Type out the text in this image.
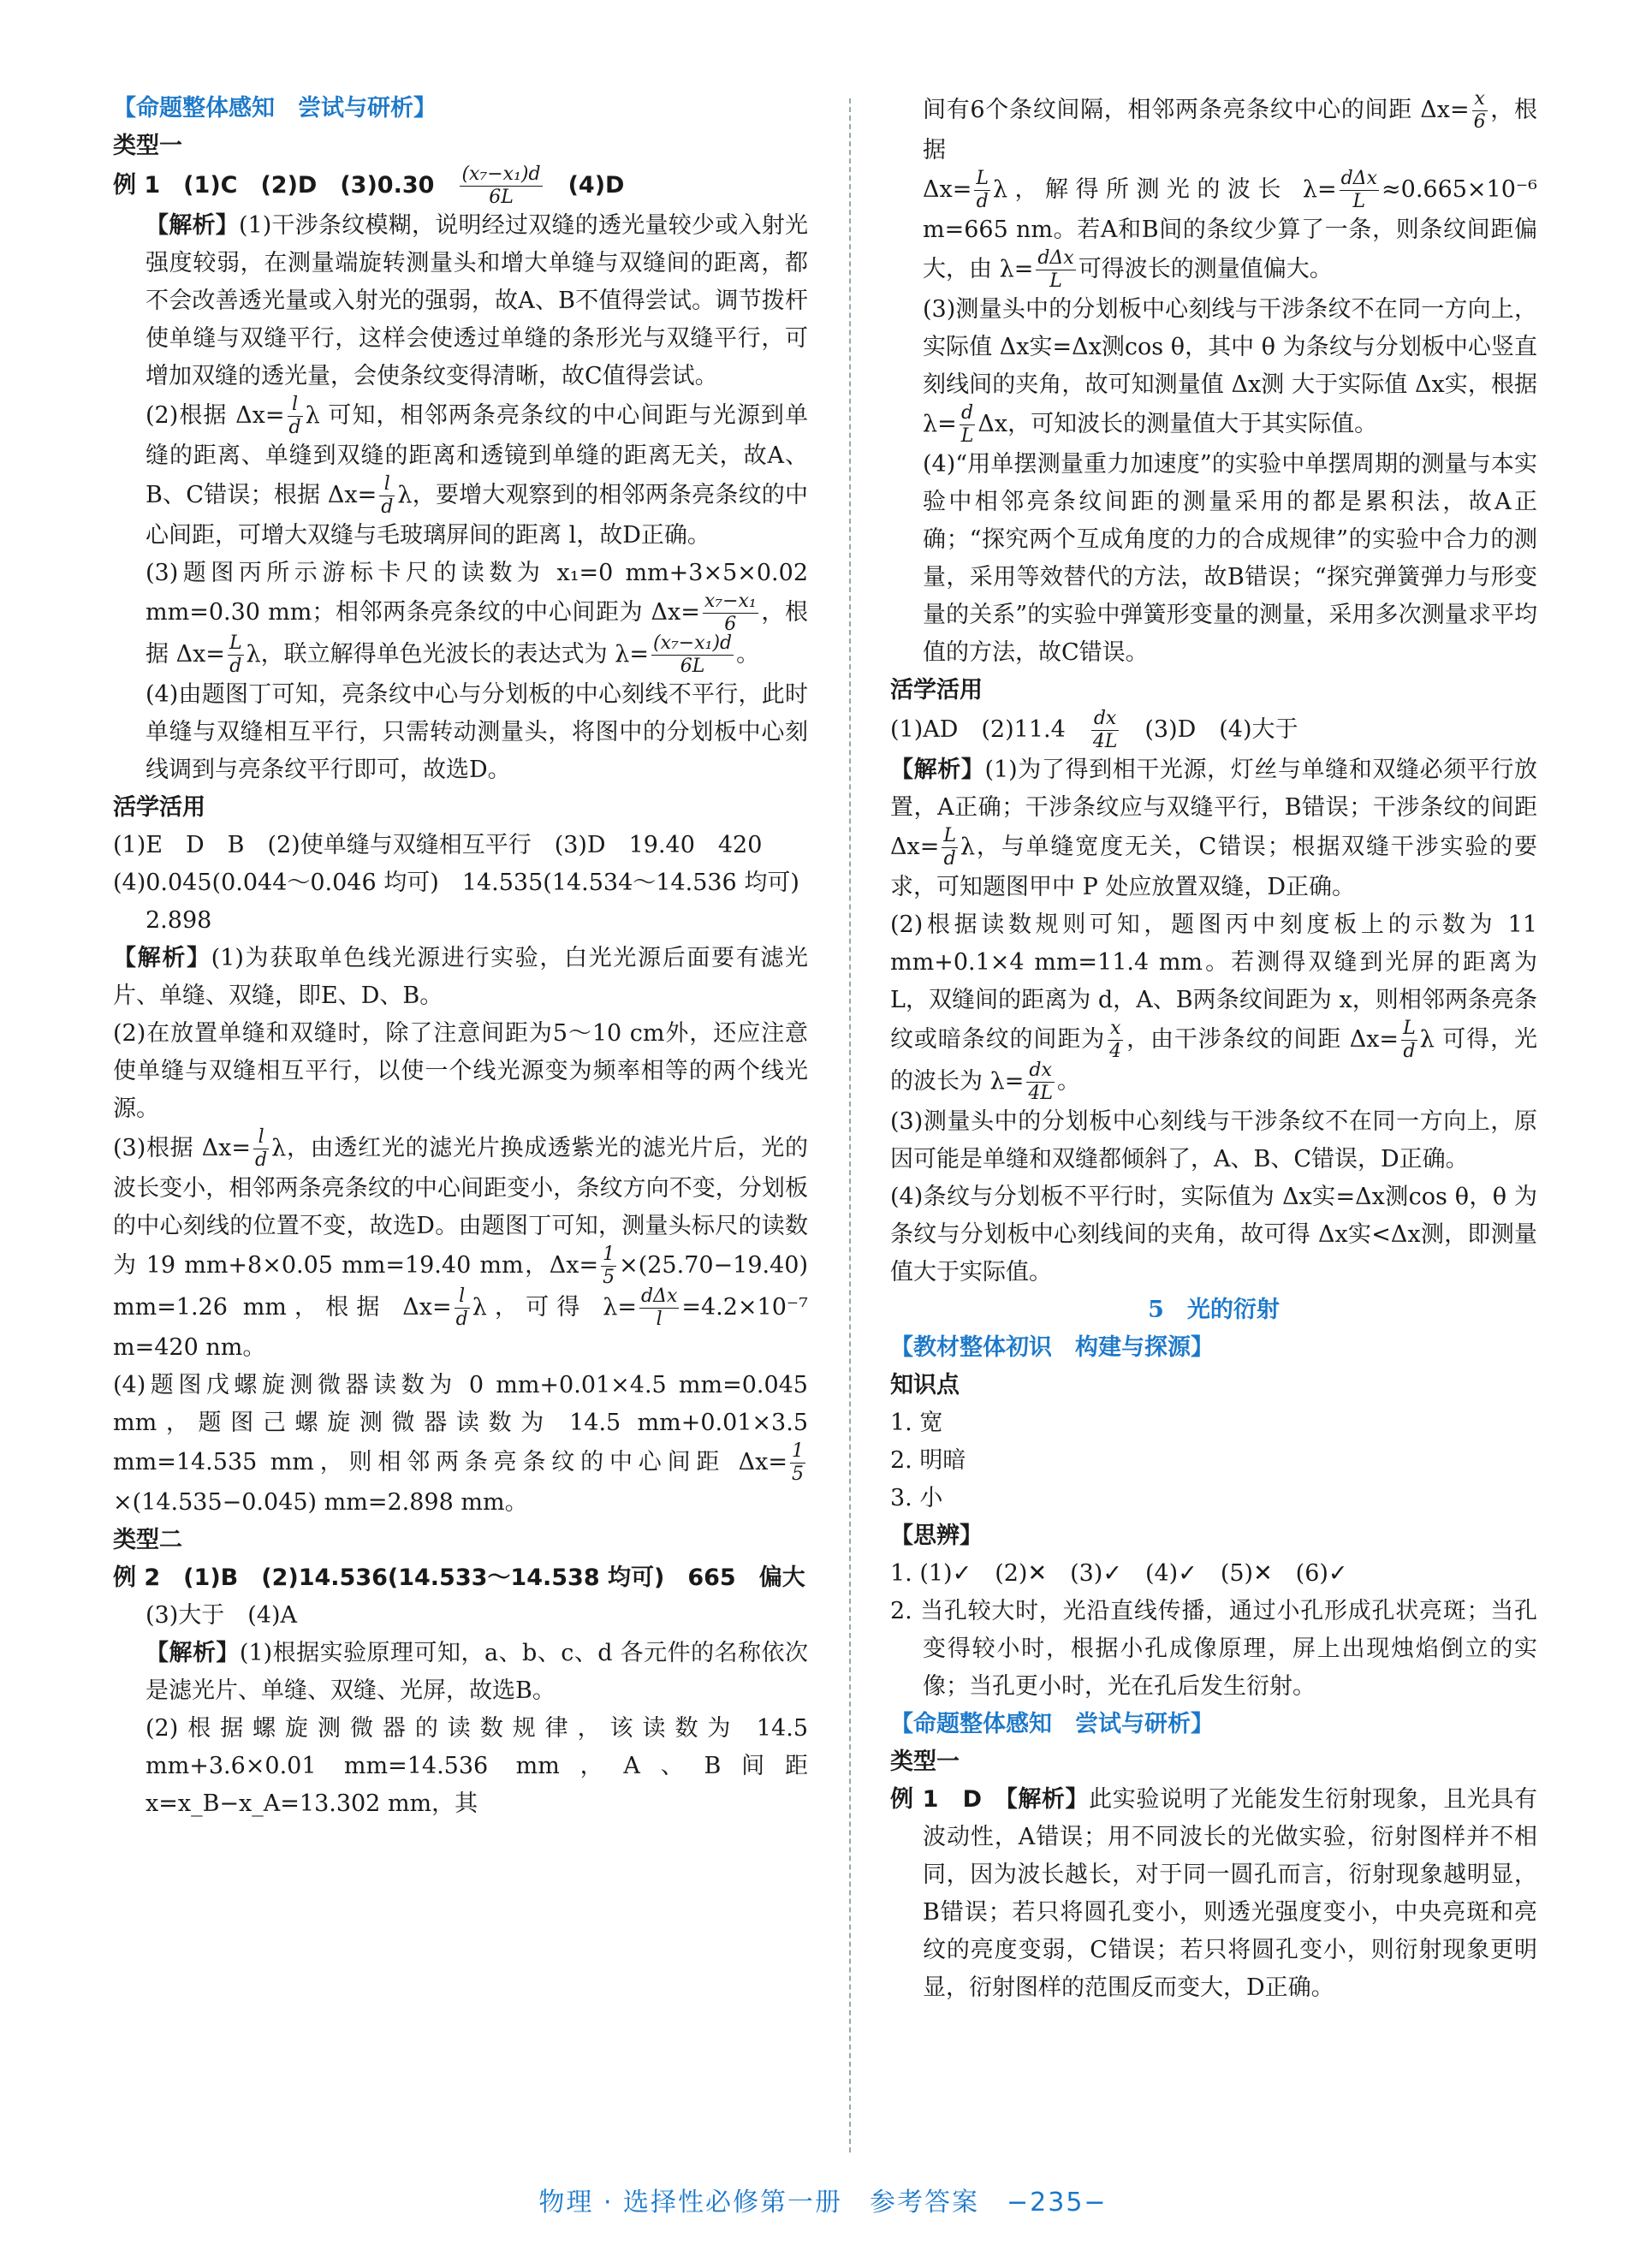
【命题整体感知　尝试与研析】

类型一

例 1　(1)C　(2)D　(3)0.30　 $\frac{\text{(x₇−x₁)d}}{6L}$ 　(4)D

【解析】(1)干涉条纹模糊，说明经过双缝的透光量较少或入射光强度较弱，在测量端旋转测量头和增大单缝与双缝间的距离，都不会改善透光量或入射光的强弱，故A、B不值得尝试。调节拨杆使单缝与双缝平行，这样会使透过单缝的条形光与双缝平行，可增加双缝的透光量，会使条纹变得清晰，故C值得尝试。

(2)根据 $\Delta x= \frac{l}{d}$ λ 可知，相邻两条亮条纹的中心间距与光源到单缝的距离、单缝到双缝的距离和透镜到单缝的距离无关，故A、B、C错误；根据 $\Delta x= \frac{l}{d}$ λ，要增大观察到的相邻两条亮条纹的中心间距，可增大双缝与毛玻璃屏间的距离 l，故D正确。

(3)题图丙所示游标卡尺的读数为 x₁=0 mm+3×5×0.02 mm=0.30 mm；相邻两条亮条纹的中心间距为 $\Delta x= \frac{\text{x₇−x₁}}{6}$ ，根据 $\Delta x= \frac{L}{d}$ λ，联立解得单色光波长的表达式为 $\lambda= \frac{\text{(x₇−x₁)d}}{6L}$ 。

(4)由题图丁可知，亮条纹中心与分划板的中心刻线不平行，此时单缝与双缝相互平行，只需转动测量头，将图中的分划板中心刻线调到与亮条纹平行即可，故选D。

活学活用

(1)E　D　B　(2)使单缝与双缝相互平行　(3)D　19.40　420

(4)0.045(0.044～0.046 均可)　14.535(14.534～14.536 均可)

2.898

【解析】(1)为获取单色线光源进行实验，白光光源后面要有滤光片、单缝、双缝，即E、D、B。

(2)在放置单缝和双缝时，除了注意间距为5～10 cm外，还应注意使单缝与双缝相互平行，以使一个线光源变为频率相等的两个线光源。

(3)根据 $\Delta x= \frac{l}{d}$ λ，由透红光的滤光片换成透紫光的滤光片后，光的波长变小，相邻两条亮条纹的中心间距变小，条纹方向不变，分划板的中心刻线的位置不变，故选D。由题图丁可知，测量头标尺的读数为 19 mm+8×0.05 mm=19.40 mm，$\Delta x= \frac{1}{5} \times(25.70-19.40)$ mm=1.26 mm，根据 $\Delta x= \frac{l}{d}$ λ，可得 $\lambda= \frac{\text{dΔx}}{l} =4.2\times 10^{-7}$ m=420 nm。

(4)题图戊螺旋测微器读数为 0 mm+0.01×4.5 mm=0.045 mm，题图己螺旋测微器读数为 14.5 mm+0.01×3.5 mm=14.535 mm，则相邻两条亮条纹的中心间距 $\Delta x= \frac{1}{5}$
×(14.535−0.045) mm=2.898 mm。

类型二

例 2　(1)B　(2)14.536(14.533～14.538 均可)　665　偏大

(3)大于　(4)A

【解析】(1)根据实验原理可知，a、b、c、d 各元件的名称依次是滤光片、单缝、双缝、光屏，故选B。

(2)根据螺旋测微器的读数规律，该读数为 14.5 mm+3.6×0.01 mm=14.536 mm，A、B间距 x=x_B−x_A=13.302 mm，其

间有6个条纹间隔，相邻两条亮条纹中心的间距 $\Delta x= \frac{x}{6}$ ，根据

$\Delta x= \frac{L}{d}$ λ，解得所测光的波长 $\lambda= \frac{\text{dΔx}}{L} \approx 0.665\times 10^{-6}$ m=665 nm。若A和B间的条纹少算了一条，则条纹间距偏大，由 $\lambda= \frac{\text{dΔx}}{L}$ 可得波长的测量值偏大。

(3)测量头中的分划板中心刻线与干涉条纹不在同一方向上，实际值 Δx实=Δx测cos θ，其中 θ 为条纹与分划板中心竖直刻线间的夹角，故可知测量值 Δx测 大于实际值 Δx实，根据 $\lambda= \frac{d}{L}$ Δx，可知波长的测量值大于其实际值。

(4)“用单摆测量重力加速度”的实验中单摆周期的测量与本实验中相邻亮条纹间距的测量采用的都是累积法，故A正确；“探究两个互成角度的力的合成规律”的实验中合力的测量，采用等效替代的方法，故B错误；“探究弹簧弹力与形变量的关系”的实验中弹簧形变量的测量，采用多次测量求平均值的方法，故C错误。

活学活用

(1)AD　(2)11.4　 $\frac{dx}{4L}$ 　(3)D　(4)大于

【解析】(1)为了得到相干光源，灯丝与单缝和双缝必须平行放置，A正确；干涉条纹应与双缝平行，B错误；干涉条纹的间距 $\Delta x= \frac{L}{d}$ λ，与单缝宽度无关，C错误；根据双缝干涉实验的要求，可知题图甲中 P 处应放置双缝，D正确。

(2)根据读数规则可知，题图丙中刻度板上的示数为 11 mm+0.1×4 mm=11.4 mm。若测得双缝到光屏的距离为 L，双缝间的距离为 d，A、B两条纹间距为 x，则相邻两条亮条纹或暗条纹的间距为 $\frac{x}{4}$ ，由干涉条纹的间距 $\Delta x= \frac{L}{d}$ λ 可得，光的波长为 $\lambda= \frac{dx}{4L}$ 。

(3)测量头中的分划板中心刻线与干涉条纹不在同一方向上，原因可能是单缝和双缝都倾斜了，A、B、C错误，D正确。

(4)条纹与分划板不平行时，实际值为 Δx实=Δx测cos θ，θ 为条纹与分划板中心刻线间的夹角，故可得 Δx实<Δx测，即测量值大于实际值。

5　光的衍射

【教材整体初识　构建与探源】

知识点

1. 宽

2. 明暗

3. 小

【思辨】

1. (1)✓　(2)✕　(3)✓　(4)✓　(5)✕　(6)✓

2. 当孔较大时，光沿直线传播，通过小孔形成孔状亮斑；当孔变得较小时，根据小孔成像原理，屏上出现烛焰倒立的实像；当孔更小时，光在孔后发生衍射。

【命题整体感知　尝试与研析】

类型一

例 1　D　【解析】此实验说明了光能发生衍射现象，且光具有波动性，A错误；用不同波长的光做实验，衍射图样并不相同，因为波长越长，对于同一圆孔而言，衍射现象越明显，B错误；若只将圆孔变小，则透光强度变小，中央亮斑和亮纹的亮度变弱，C错误；若只将圆孔变小，则衍射现象更明显，衍射图样的范围反而变大，D正确。

物理 · 选择性必修第一册　参考答案　−235−
